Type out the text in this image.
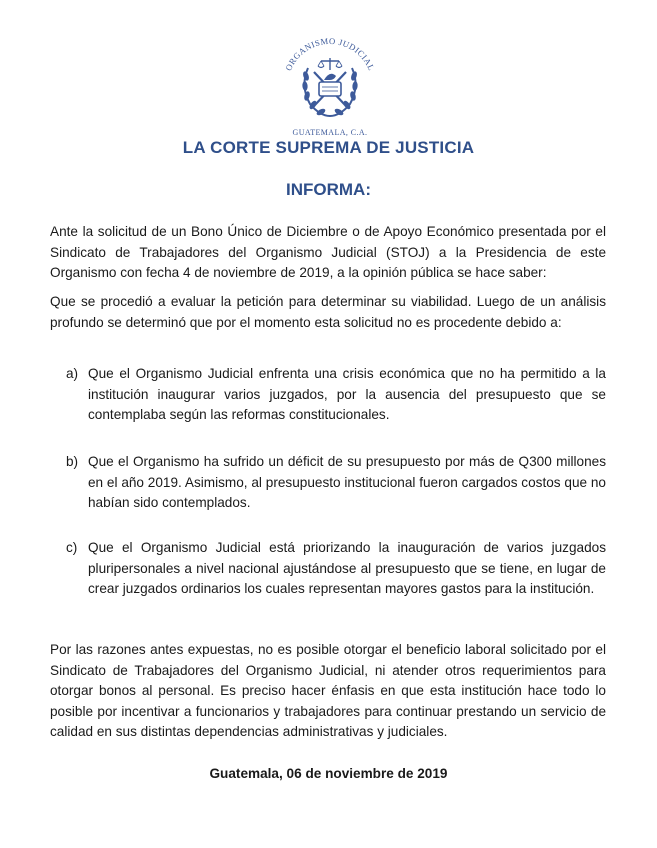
ORGANISMO JUDICIAL
GUATEMALA, C.A.
LA CORTE SUPREMA DE JUSTICIA
INFORMA:
Ante la solicitud de un Bono Único de Diciembre o de Apoyo Económico presentada por el Sindicato de Trabajadores del Organismo Judicial (STOJ) a la Presidencia de este Organismo con fecha 4 de noviembre de 2019, a la opinión pública se hace saber:
Que se procedió a evaluar la petición para determinar su viabilidad. Luego de un análisis profundo se determinó que por el momento esta solicitud no es procedente debido a:
a) Que el Organismo Judicial enfrenta una crisis económica que no ha permitido a la institución inaugurar varios juzgados, por la ausencia del presupuesto que se contemplaba según las reformas constitucionales.
b) Que el Organismo ha sufrido un déficit de su presupuesto por más de Q300 millones en el año 2019. Asimismo, al presupuesto institucional fueron cargados costos que no habían sido contemplados.
c) Que el Organismo Judicial está priorizando la inauguración de varios juzgados pluripersonales a nivel nacional ajustándose al presupuesto que se tiene, en lugar de crear juzgados ordinarios los cuales representan mayores gastos para la institución.
Por las razones antes expuestas, no es posible otorgar el beneficio laboral solicitado por el Sindicato de Trabajadores del Organismo Judicial, ni atender otros requerimientos para otorgar bonos al personal. Es preciso hacer énfasis en que esta institución hace todo lo posible por incentivar a funcionarios y trabajadores para continuar prestando un servicio de calidad en sus distintas dependencias administrativas y judiciales.
Guatemala, 06 de noviembre de 2019
